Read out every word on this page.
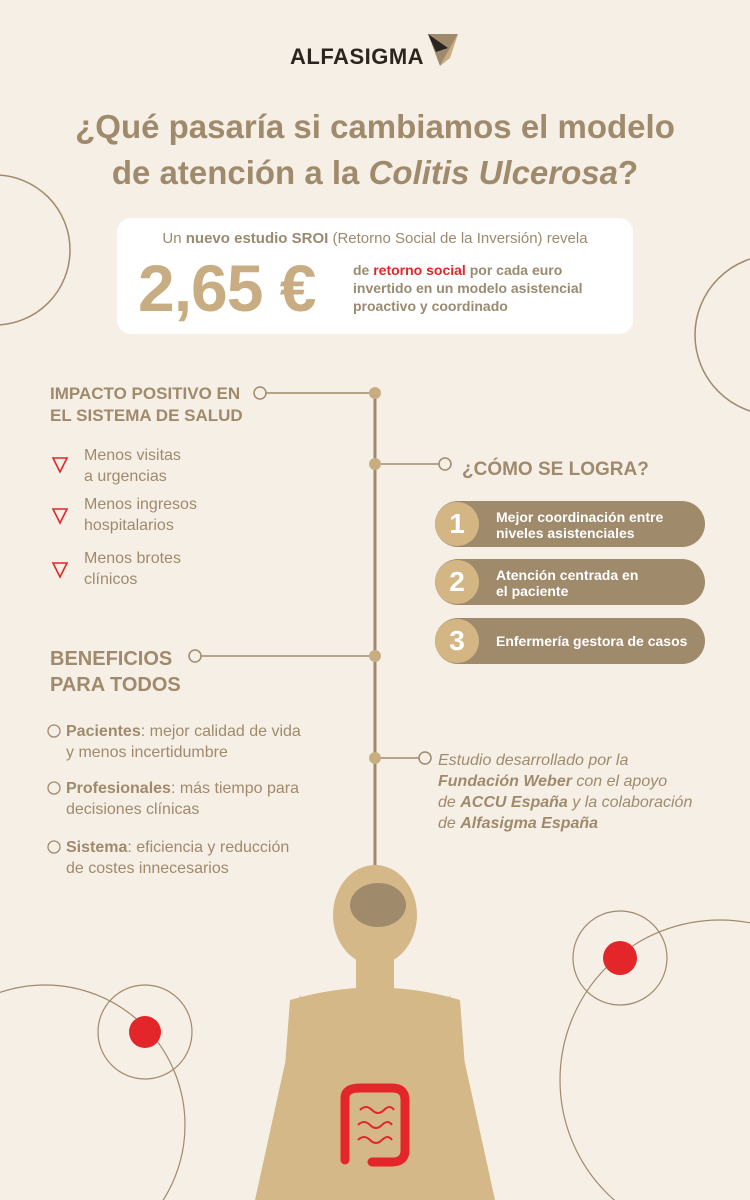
ALFASIGMA
¿Qué pasaría si cambiamos el modelo
de atención a la Colitis Ulcerosa?
Un nuevo estudio SROI (Retorno Social de la Inversión) revela
2,65 €	de retorno social por cada euro invertido en un modelo asistencial proactivo y coordinado
IMPACTO POSITIVO EN
EL SISTEMA DE SALUD
Menos visitas
a urgencias
Menos ingresos
hospitalarios
Menos brotes
clínicos
¿CÓMO SE LOGRA?
1	Mejor coordinación entre
niveles asistenciales
2	Atención centrada en
el paciente
3	Enfermería gestora de casos
BENEFICIOS
PARA TODOS
Pacientes: mejor calidad de vida
y menos incertidumbre
Profesionales: más tiempo para
decisiones clínicas
Sistema: eficiencia y reducción
de costes innecesarios
Estudio desarrollado por la
Fundación Weber con el apoyo
de ACCU España y la colaboración
de Alfasigma España
